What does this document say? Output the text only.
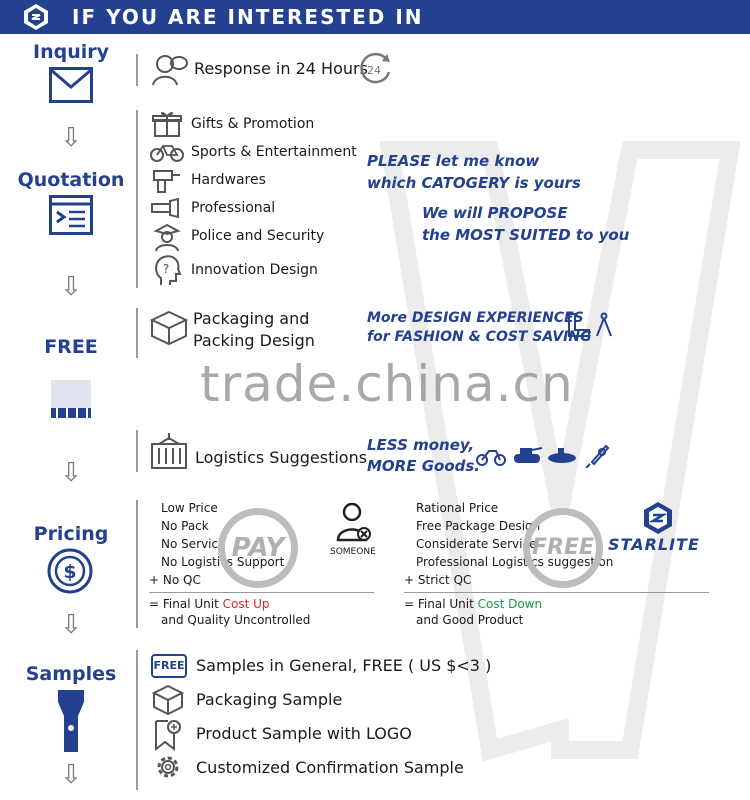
IF YOU ARE INTERESTED IN
Inquiry
⇩
Quotation
⇩
FREE
⇩
Pricing
$
⇩
Samples
⇩
Response in 24 Hours 24
Gifts & Promotion
Sports & Entertainment
Hardwares
Professional
Police and Security
? Innovation Design
PLEASE let me know
which CATOGERY is yours
We will PROPOSE
the MOST SUITED to you
Packaging and
Packing Design
More DESIGN EXPERIENCES
for FASHION & COST SAVING
trade.china.cn
Logistics Suggestions
LESS money,
MORE Goods.
Low Price
No Pack
No Service
No Logistics Support
+ No QC
PAY	SOMEONE
= Final Unit Cost Up
and Quality Uncontrolled
Rational Price
Free Package Design
Considerate Service
Professional Logistics suggestion
+ Strict QC
FREE STARLITE
= Final Unit Cost Down
and Good Product
FREE Samples in General, FREE ( US $<3 )
Packaging Sample
Product Sample with LOGO
Customized Confirmation Sample
